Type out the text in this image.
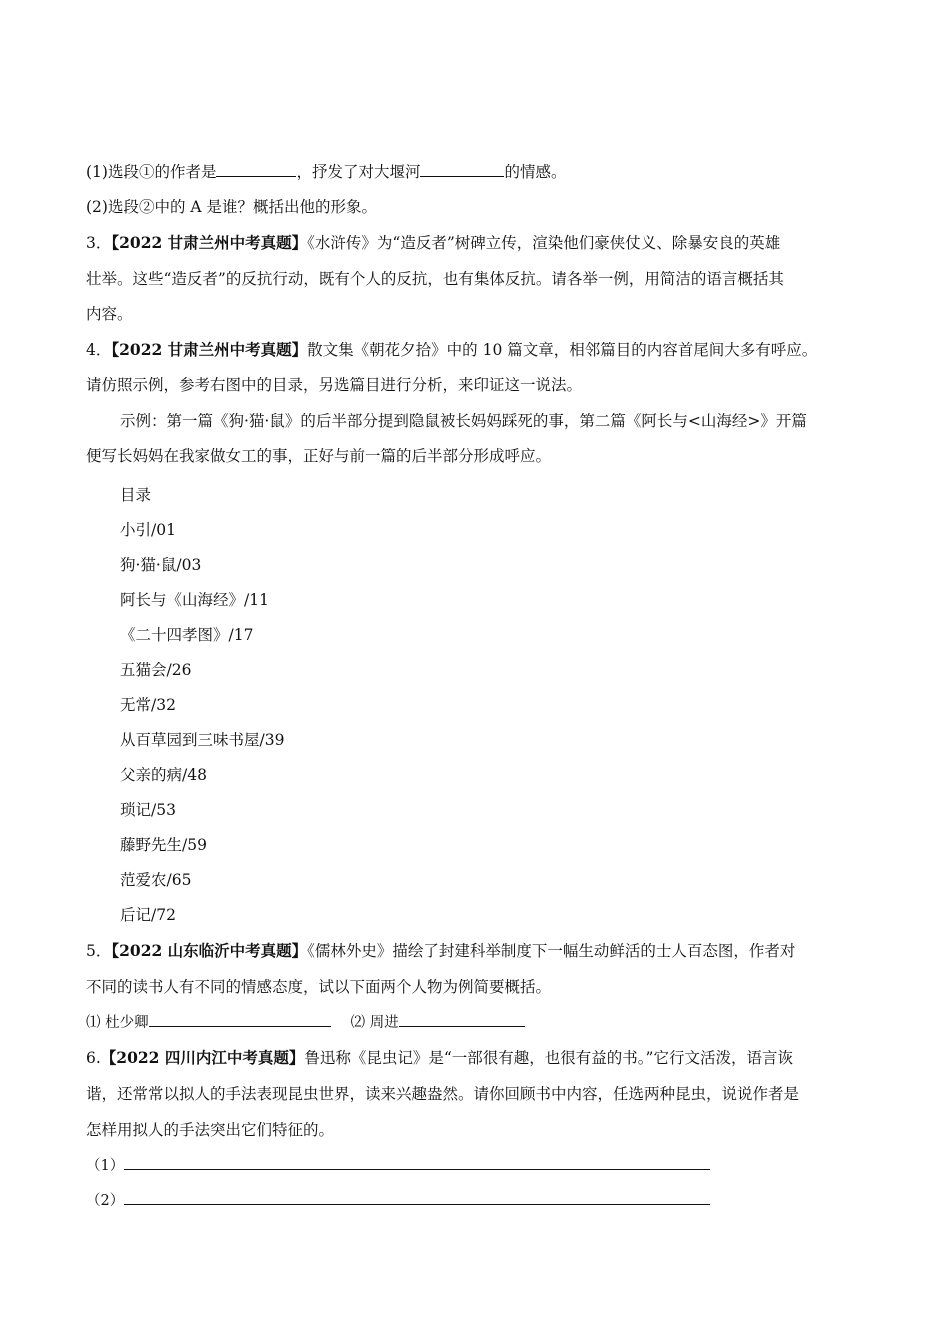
(1)选段①的作者是	，抒发了对大堰河	的情感。
(2)选段②中的 A 是谁？概括出他的形象。
3．【2022 甘肃兰州中考真题】《水浒传》为“造反者”树碑立传，渲染他们豪侠仗义、除暴安良的英雄
壮举。这些“造反者”的反抗行动，既有个人的反抗，也有集体反抗。请各举一例，用简洁的语言概括其
内容。
4．【2022 甘肃兰州中考真题】散文集《朝花夕拾》中的 10 篇文章，相邻篇目的内容首尾间大多有呼应。
请仿照示例，参考右图中的目录，另选篇目进行分析，来印证这一说法。
示例：第一篇《狗·猫·鼠》的后半部分提到隐鼠被长妈妈踩死的事，第二篇《阿长与<山海经>》开篇
便写长妈妈在我家做女工的事，正好与前一篇的后半部分形成呼应。
目录
小引/01
狗·猫·鼠/03
阿长与《山海经》/11
《二十四孝图》/17
五猫会/26
无常/32
从百草园到三味书屋/39
父亲的病/48
琐记/53
藤野先生/59
范爱农/65
后记/72
5．【2022 山东临沂中考真题】《儒林外史》描绘了封建科举制度下一幅生动鲜活的士人百态图，作者对
不同的读书人有不同的情感态度，试以下面两个人物为例简要概括。
⑴ 杜少卿	⑵ 周进
6.【2022 四川内江中考真题】鲁迅称《昆虫记》是“一部很有趣，也很有益的书。”它行文活泼，语言诙
谐，还常常以拟人的手法表现昆虫世界，读来兴趣盎然。请你回顾书中内容，任选两种昆虫，说说作者是
怎样用拟人的手法突出它们特征的。
（1）
（2）
